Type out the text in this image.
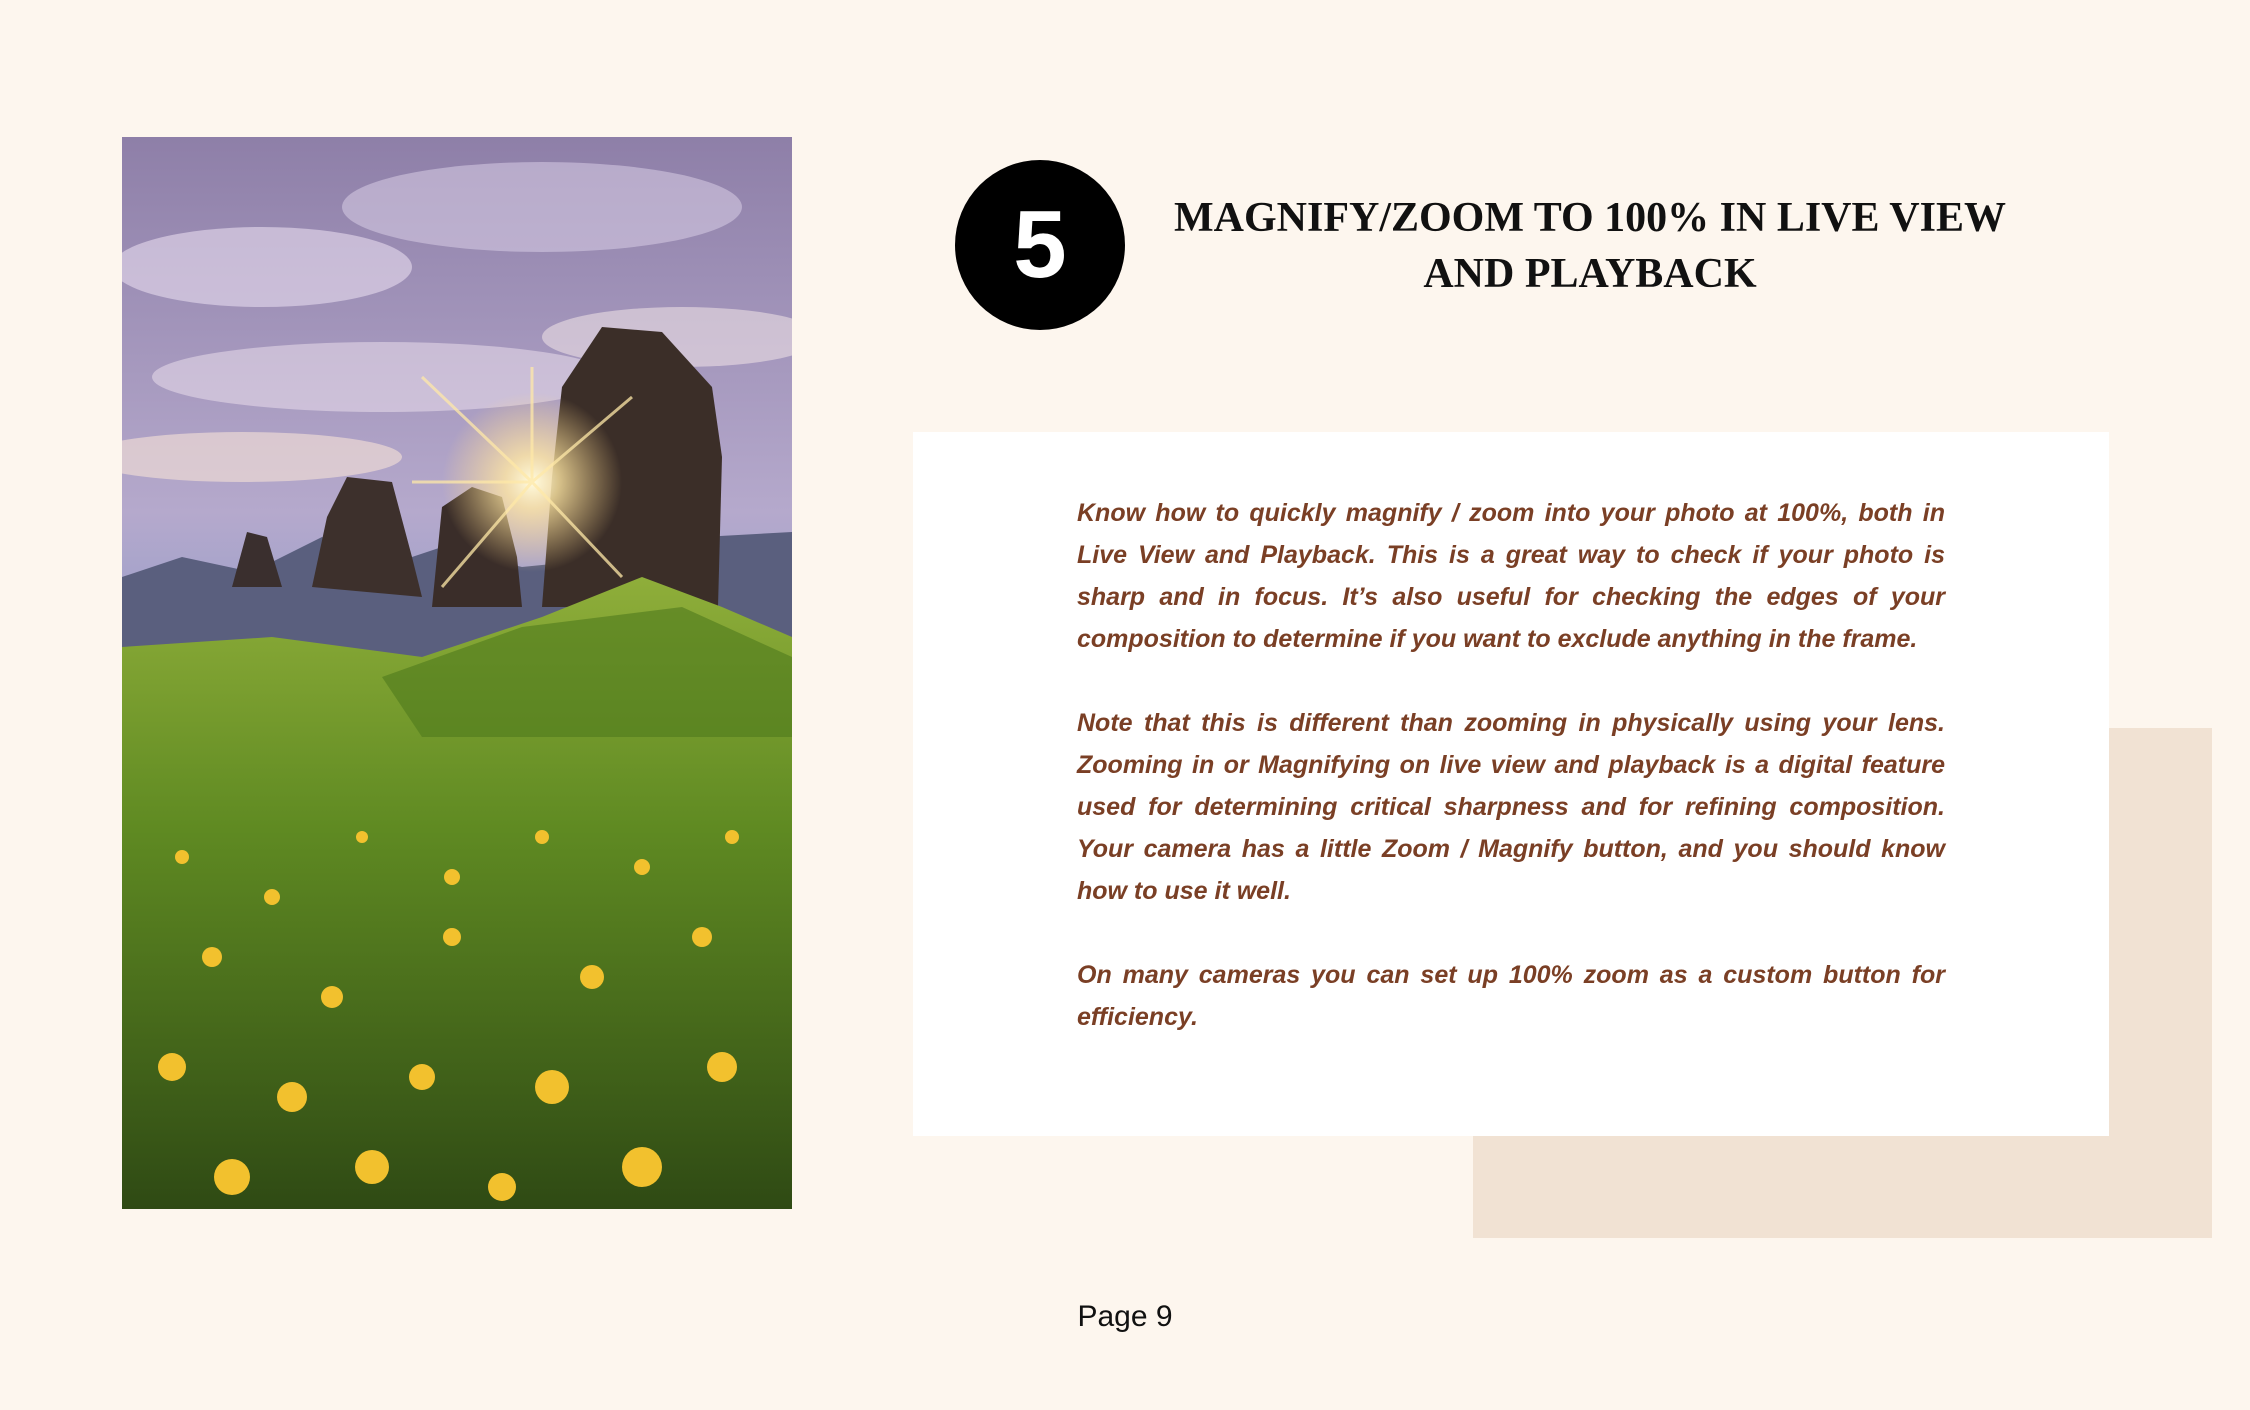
5	MAGNIFY/ZOOM TO 100% IN LIVE VIEW
AND PLAYBACK

Know how to quickly magnify / zoom into your photo at 100%, both in Live View and Playback. This is a great way to check if your photo is sharp and in focus. It’s also useful for checking the edges of your composition to determine if you want to exclude anything in the frame.

Note that this is different than zooming in physically using your lens. Zooming in or Magnifying on live view and playback is a digital feature used for determining critical sharpness and for refining composition. Your camera has a little Zoom / Magnify button, and you should know how to use it well.

On many cameras you can set up 100% zoom as a custom button for efficiency.

Page 9
